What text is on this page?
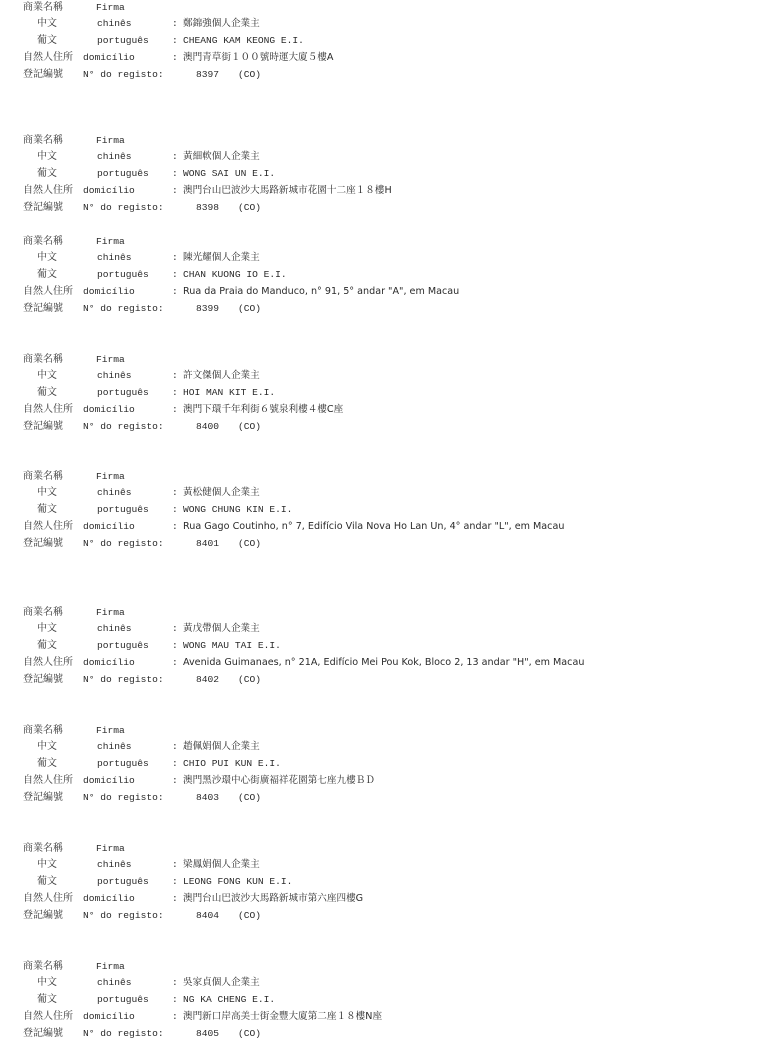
商業名稱	Firma
中文	chinês	: 鄭錦強個人企業主
葡文	português : CHEANG KAM KEONG E.I.
自然人住所 domicílio	: 澳門青草街１００號時運大廈５樓A
登記編號 N° do registo:	8397 (CO)
商業名稱	Firma
中文	chinês	: 黃細軟個人企業主
葡文	português : WONG SAI UN E.I.
自然人住所 domicílio	: 澳門台山巴波沙大馬路新城市花園十二座１８樓H
登記編號 N° do registo:	8398 (CO)
商業名稱	Firma
中文	chinês	: 陳光耀個人企業主
葡文	português : CHAN KUONG IO E.I.
自然人住所 domicílio	: Rua da Praia do Manduco, n° 91, 5° andar "A", em Macau
登記編號 N° do registo:	8399 (CO)
商業名稱	Firma
中文	chinês	: 許文傑個人企業主
葡文	português : HOI MAN KIT E.I.
自然人住所 domicílio	: 澳門下環千年利街６號泉利樓４樓C座
登記編號 N° do registo:	8400 (CO)
商業名稱	Firma
中文	chinês	: 黃松健個人企業主
葡文	português : WONG CHUNG KIN E.I.
自然人住所 domicílio	: Rua Gago Coutinho, n° 7, Edifício Vila Nova Ho Lan Un, 4° andar "L", em Macau
登記編號 N° do registo:	8401 (CO)
商業名稱	Firma
中文	chinês	: 黃戊帶個人企業主
葡文	português : WONG MAU TAI E.I.
自然人住所 domicílio	: Avenida Guimanaes, n° 21A, Edifício Mei Pou Kok, Bloco 2, 13 andar "H", em Macau
登記編號 N° do registo:	8402 (CO)
商業名稱	Firma
中文	chinês	: 趙佩娟個人企業主
葡文	português : CHIO PUI KUN E.I.
自然人住所 domicílio	: 澳門黑沙環中心街廣福祥花園第七座九樓ＢＤ
登記編號 N° do registo:	8403 (CO)
商業名稱	Firma
中文	chinês	: 梁鳳娟個人企業主
葡文	português : LEONG FONG KUN E.I.
自然人住所 domicílio	: 澳門台山巴波沙大馬路新城市第六座四樓G
登記編號 N° do registo:	8404 (CO)
商業名稱	Firma
中文	chinês	: 吳家貞個人企業主
葡文	português : NG KA CHENG E.I.
自然人住所 domicílio	: 澳門新口岸高美士街金豐大廈第二座１８樓N座
登記編號 N° do registo:	8405 (CO)
